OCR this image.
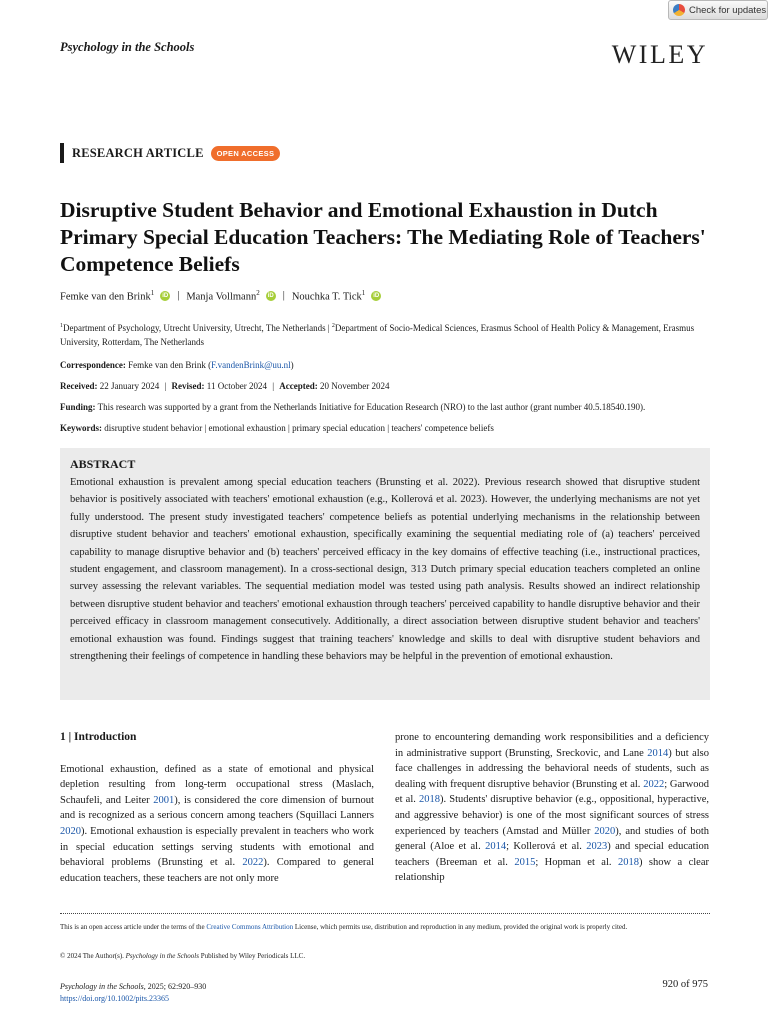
Check for updates
Psychology in the Schools	WILEY
RESEARCH ARTICLE	OPEN ACCESS
Disruptive Student Behavior and Emotional Exhaustion in Dutch Primary Special Education Teachers: The Mediating Role of Teachers' Competence Beliefs
Femke van den Brink$^1$	iD | Manja Vollmann$^2$	iD | Nouchka T. Tick$^1$	iD
$^1$Department of Psychology, Utrecht University, Utrecht, The Netherlands | $^2$Department of Socio-Medical Sciences, Erasmus School of Health Policy & Management, Erasmus University, Rotterdam, The Netherlands
Correspondence: Femke van den Brink (F.vandenBrink@uu.nl)
Received: 22 January 2024 | Revised: 11 October 2024 | Accepted: 20 November 2024
Funding: This research was supported by a grant from the Netherlands Initiative for Education Research (NRO) to the last author (grant number 40.5.18540.190).
Keywords: disruptive student behavior | emotional exhaustion | primary special education | teachers' competence beliefs
ABSTRACT

Emotional exhaustion is prevalent among special education teachers (Brunsting et al. 2022). Previous research showed that disruptive student behavior is positively associated with teachers' emotional exhaustion (e.g., Kollerová et al. 2023). However, the underlying mechanisms are not yet fully understood. The present study investigated teachers' competence beliefs as potential underlying mechanisms in the relationship between disruptive student behavior and teachers' emotional exhaustion, specifically examining the sequential mediating role of (a) teachers' perceived capability to manage disruptive behavior and (b) teachers' perceived efficacy in the key domains of effective teaching (i.e., instructional practices, student engagement, and classroom management). In a cross-sectional design, 313 Dutch primary special education teachers completed an online survey assessing the relevant variables. The sequential mediation model was tested using path analysis. Results showed an indirect relationship between disruptive student behavior and teachers' emotional exhaustion through teachers' perceived capability to handle disruptive behavior and their perceived efficacy in classroom management consecutively. Additionally, a direct association between disruptive student behavior and teachers' emotional exhaustion was found. Findings suggest that training teachers' knowledge and skills to deal with disruptive student behaviors and strengthening their feelings of competence in handling these behaviors may be helpful in the prevention of emotional exhaustion.

1 | Introduction

Emotional exhaustion, defined as a state of emotional and physical depletion resulting from long-term occupational stress (Maslach, Schaufeli, and Leiter 2001), is considered the core dimension of burnout and is recognized as a serious concern among teachers (Squillaci Lanners 2020). Emotional exhaustion is especially prevalent in teachers who work in special education settings serving students with emotional and behavioral problems (Brunsting et al. 2022). Compared to general education teachers, these teachers are not only more

prone to encountering demanding work responsibilities and a deficiency in administrative support (Brunsting, Sreckovic, and Lane 2014) but also face challenges in addressing the behavioral needs of students, such as dealing with frequent disruptive behavior (Brunsting et al. 2022; Garwood et al. 2018). Students' disruptive behavior (e.g., oppositional, hyperactive, and aggressive behavior) is one of the most significant sources of stress experienced by teachers (Amstad and Müller 2020), and studies of both general (Aloe et al. 2014; Kollerová et al. 2023) and special education teachers (Breeman et al. 2015; Hopman et al. 2018) show a clear relationship

This is an open access article under the terms of the Creative Commons Attribution License, which permits use, distribution and reproduction in any medium, provided the original work is properly cited.
© 2024 The Author(s). Psychology in the Schools Published by Wiley Periodicals LLC.
Psychology in the Schools, 2025; 62:920–930
https://doi.org/10.1002/pits.23365
920 of 975
